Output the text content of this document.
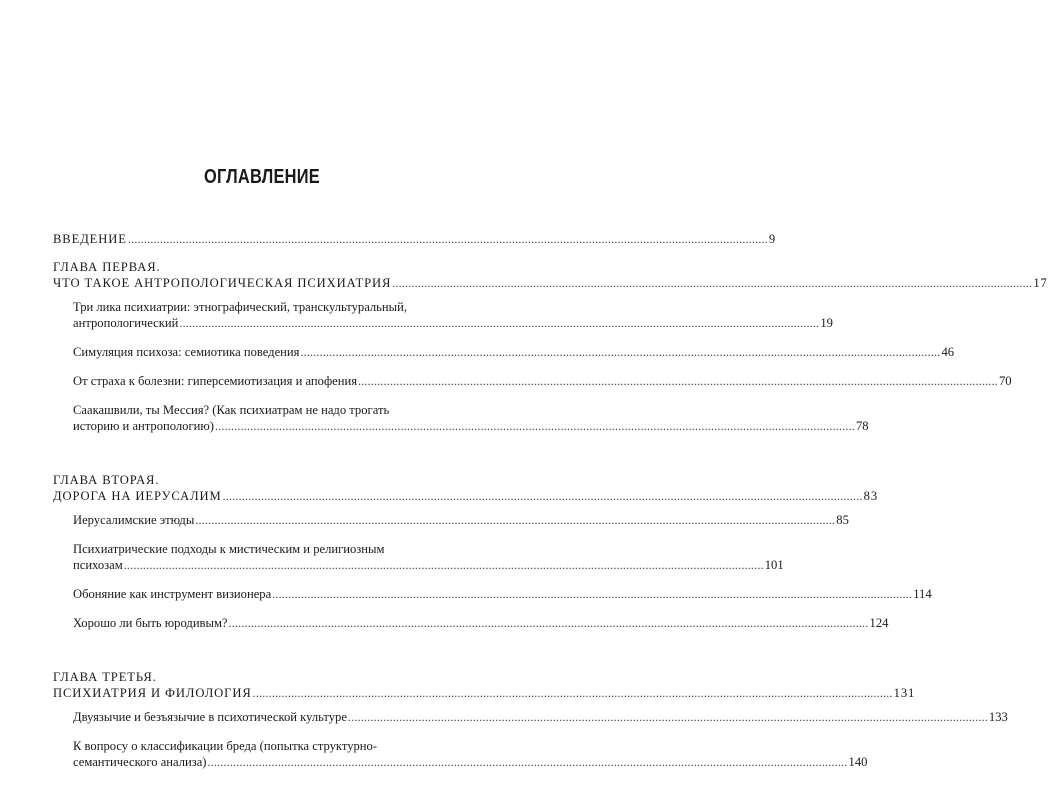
ОГЛАВЛЕНИЕ
ВВЕДЕНИЕ ........................................................................................................................................................................................................ 9
ГЛАВА ПЕРВАЯ.
ЧТО ТАКОЕ АНТРОПОЛОГИЧЕСКАЯ ПСИХИАТРИЯ ........................................................................................................................................................................................................ 17
Три лика психиатрии: этнографический, транскультуральный,
антропологический ........................................................................................................................................................................................................ 19
Симуляция психоза: семиотика поведения ........................................................................................................................................................................................................ 46
От страха к болезни: гиперсемиотизация и апофения ........................................................................................................................................................................................................ 70
Саакашвили, ты Мессия? (Как психиатрам не надо трогать
историю и антропологию) ........................................................................................................................................................................................................ 78
ГЛАВА ВТОРАЯ.
ДОРОГА НА ИЕРУСАЛИМ ........................................................................................................................................................................................................ 83
Иерусалимские этюды ........................................................................................................................................................................................................ 85
Психиатрические подходы к мистическим и религиозным
психозам ........................................................................................................................................................................................................ 101
Обоняние как инструмент визионера ........................................................................................................................................................................................................ 114
Хорошо ли быть юродивым? ........................................................................................................................................................................................................ 124
ГЛАВА ТРЕТЬЯ.
ПСИХИАТРИЯ И ФИЛОЛОГИЯ ........................................................................................................................................................................................................ 131
Двуязычие и безъязычие в психотической культуре ........................................................................................................................................................................................................ 133
К вопросу о классификации бреда (попытка структурно-
семантического анализа) ........................................................................................................................................................................................................ 140
